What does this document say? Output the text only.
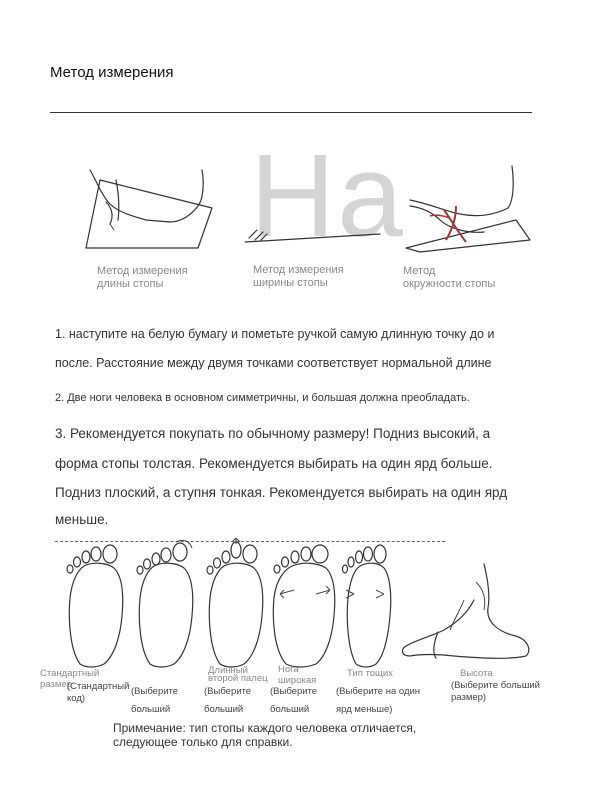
Метод измерения
Ha
Метод измерения
длины стопы
Метод измерения
ширины стопы
Метод
окружности стопы
1. наступите на белую бумагу и пометьте ручкой самую длинную точку до и
после. Расстояние между двумя точками соответствует нормальной длине
2. Две ноги человека в основном симметричны, и большая должна преобладать.
3. Рекомендуется покупать по обычному размеру! Подниз высокий, а
форма стопы толстая. Рекомендуется выбирать на один ярд больше.
Подниз плоский, а ступня тонкая. Рекомендуется выбирать на один ярд
меньше.
Стандартный
размер
(Стандартный
код)
(Выберите
больший
Длинный
второй палец
(Выберите
больший
Нога
широкая
(Выберите
больший
Тип тощих
(Выберите на один
ярд меньше)
Высота
(Выберите больший
размер)
Примечание: тип стопы каждого человека отличается,
следующее только для справки.
